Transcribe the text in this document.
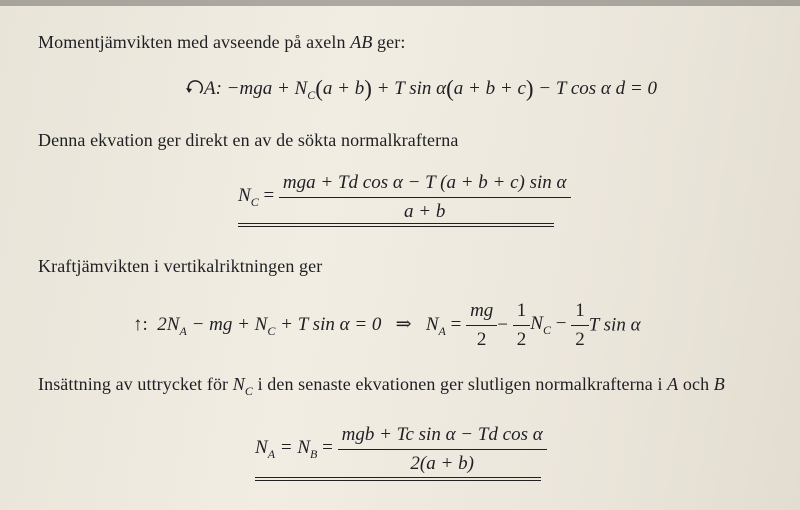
Momentjämvikten med avseende på axeln AB ger:
A: $-mga + N_C(a + b) + T$ sin α(a + b + c) − T cos α d = 0
Denna ekvation ger direkt en av de sökta normalkrafterna
$N_C = \frac{\text{mga + Td cos α − T (a + b + c) sin α}}{a + b}$
Kraftjämvikten i vertikalriktningen ger
↑: $2N_A$ − mg + $N_C + T$ sin α = 0 ⇒ $N_A = \frac{mg}{2} - \frac{1}{2} N_C - \frac{1}{2}$ T sin α
Insättning av uttrycket för $N_C$ i den senaste ekvationen ger slutligen normalkrafterna i A och B
$N_A = N_B = \frac{\text{mgb + Tc sin α − Td cos α}}{2(a + b)}$
